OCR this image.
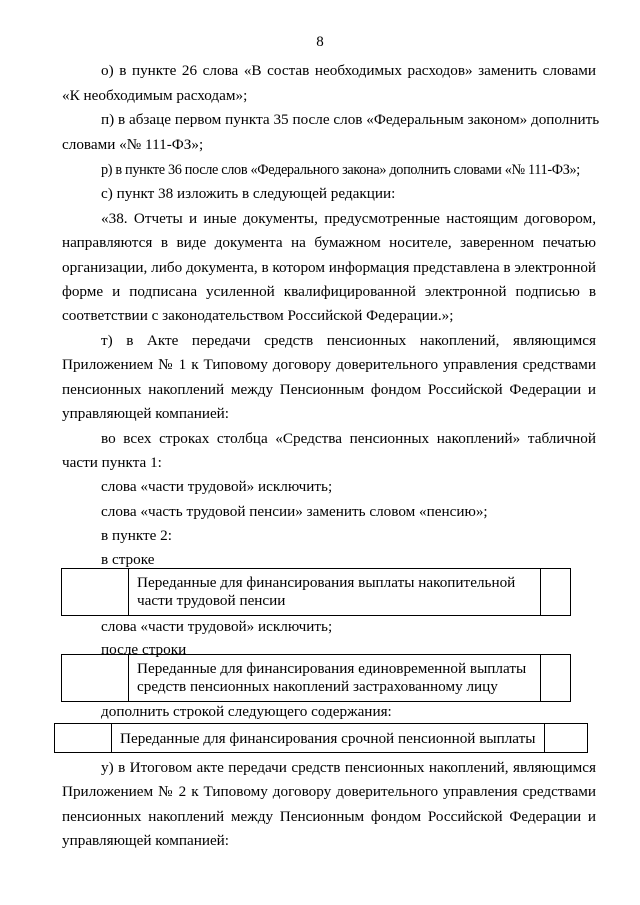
8
о) в пункте 26 слова «В состав необходимых расходов» заменить словами
«К необходимым расходам»;
п) в абзаце первом пункта 35 после слов «Федеральным законом» дополнить
словами «№ 111-ФЗ»;
р) в пункте 36 после слов «Федерального закона» дополнить словами «№ 111-ФЗ»;
с) пункт 38 изложить в следующей редакции:
«38. Отчеты и иные документы, предусмотренные настоящим договором,
направляются в виде документа на бумажном носителе, заверенном печатью
организации, либо документа, в котором информация представлена в электронной
форме и подписана усиленной квалифицированной электронной подписью в
соответствии с законодательством Российской Федерации.»;
т) в Акте передачи средств пенсионных накоплений, являющимся
Приложением № 1 к Типовому договору доверительного управления средствами
пенсионных накоплений между Пенсионным фондом Российской Федерации и
управляющей компанией:
во всех строках столбца «Средства пенсионных накоплений» табличной
части пункта 1:
слова «части трудовой» исключить;
слова «часть трудовой пенсии» заменить словом «пенсию»;
в пункте 2:
в строке
Переданные для финансирования выплаты накопительной
части трудовой пенсии
слова «части трудовой» исключить;
после строки
Переданные для финансирования единовременной выплаты
средств пенсионных накоплений застрахованному лицу
дополнить строкой следующего содержания:
Переданные для финансирования срочной пенсионной выплаты
у) в Итоговом акте передачи средств пенсионных накоплений, являющимся
Приложением № 2 к Типовому договору доверительного управления средствами
пенсионных накоплений между Пенсионным фондом Российской Федерации и
управляющей компанией:
